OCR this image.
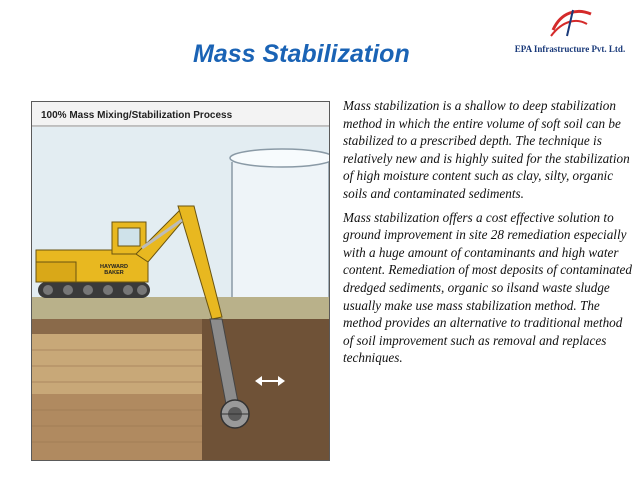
Mass Stabilization	EPA Infrastructure Pvt. Ltd.
100% Mass Mixing/Stabilization Process
HAYWARD BAKER

Mass stabilization is a shallow to deep stabilization method in which the entire volume of soft soil can be stabilized to a prescribed depth. The technique is relatively new and is highly suited for the stabilization of high moisture content such as clay, silty, organic soils and contaminated sediments.

Mass stabilization offers a cost effective solution to ground improvement in site 28 remediation especially with a huge amount of contaminants and high water content. Remediation of most deposits of contaminated dredged sediments, organic so ilsand waste sludge usually make use mass stabilization method. The method provides an alternative to traditional method of soil improvement such as removal and replaces techniques.
